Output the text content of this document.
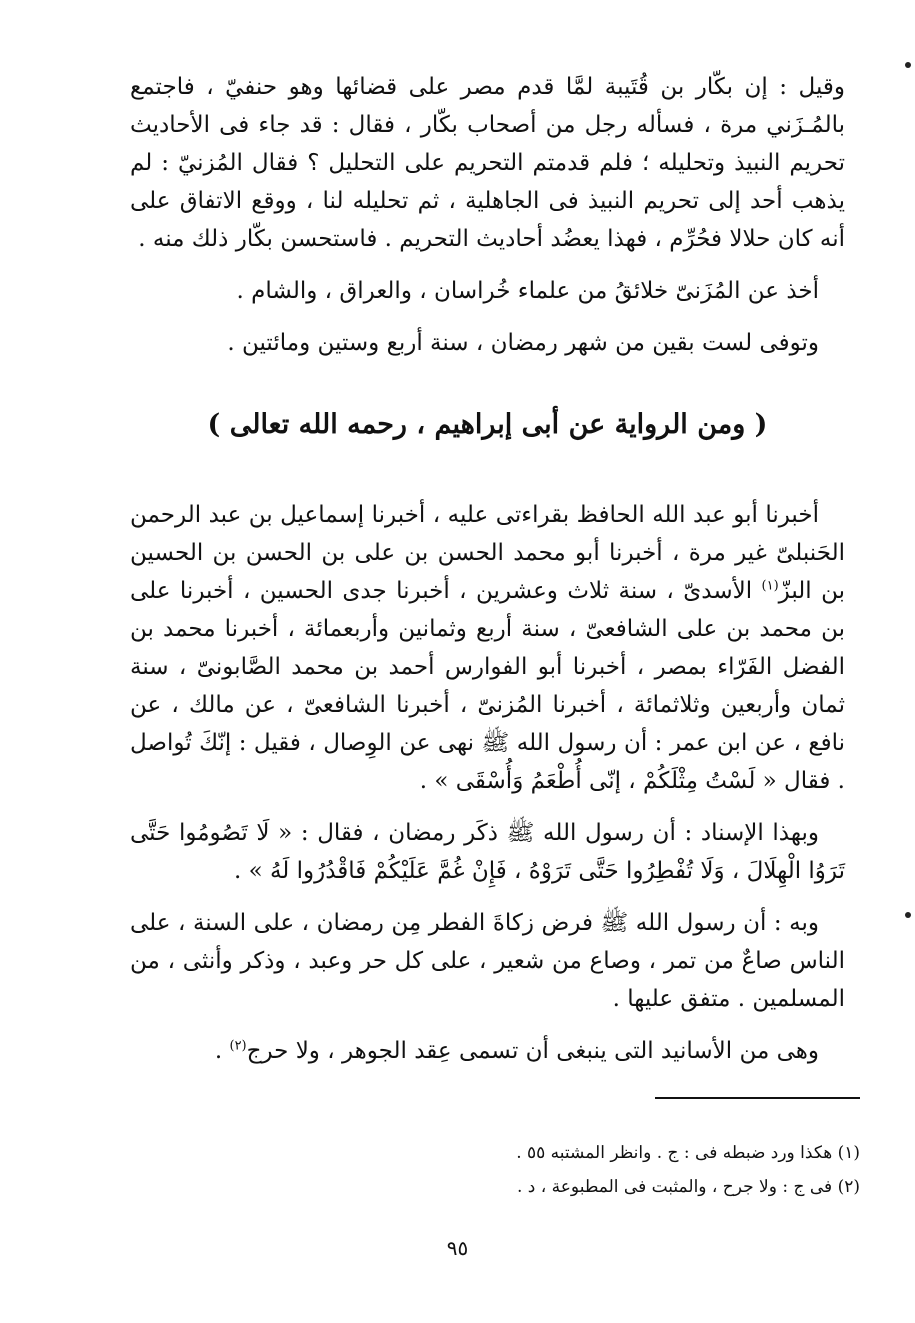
وقيل : إن بكّار بن قُتَيبة لمَّا قدم مصر على قضائها وهو حنفيّ ، فاجتمع بالمُـزَني مرة ، فسأله رجل من أصحاب بكّار ، فقال : قد جاء فى الأحاديث تحريم النبيذ وتحليله ؛ فلم قدمتم التحريم على التحليل ؟ فقال المُزنيّ : لم يذهب أحد إلى تحريم النبيذ فى الجاهلية ، ثم تحليله لنا ، ووقع الاتفاق على أنه كان حلالا فحُرِّم ، فهذا يعضُد أحاديث التحريم . فاستحسن بكّار ذلك منه .

أخذ عن المُزَنىّ خلائقُ من علماء خُراسان ، والعراق ، والشام .

وتوفى لست بقين من شهر رمضان ، سنة أربع وستين ومائتين .

( ومن الرواية عن أبى إبراهيم ، رحمه الله تعالى )

أخبرنا أبو عبد الله الحافظ بقراءتى عليه ، أخبرنا إسماعيل بن عبد الرحمن الحَنبلىّ غير مرة ، أخبرنا أبو محمد الحسن بن على بن الحسن بن الحسين بن البزّ$^{(١)}$ الأسدىّ ، سنة ثلاث وعشرين ، أخبرنا جدى الحسين ، أخبرنا على بن محمد بن على الشافعىّ ، سنة أربع وثمانين وأربعمائة ، أخبرنا محمد بن الفضل الفَرّاء بمصر ، أخبرنا أبو الفوارس أحمد بن محمد الصَّابونىّ ، سنة ثمان وأربعين وثلاثمائة ، أخبرنا المُزنىّ ، أخبرنا الشافعىّ ، عن مالك ، عن نافع ، عن ابن عمر : أن رسول الله ﷺ نهى عن الوِصال ، فقيل : إنّكَ تُواصل . فقال « لَسْتُ مِثْلَكُمْ ، إنّى أُطْعَمُ وَأُسْقَى » .

وبهذا الإسناد : أن رسول الله ﷺ ذكَر رمضان ، فقال : « لَا تَصُومُوا حَتَّى تَرَوُا الْهِلَالَ ، وَلَا تُفْطِرُوا حَتَّى تَرَوْهُ ، فَإِنْ غُمَّ عَلَيْكُمْ فَاقْدُرُوا لَهُ » .

وبه : أن رسول الله ﷺ فرض زكاةَ الفطر مِن رمضان ، على السنة ، على الناس صاعٌ من تمر ، وصاع من شعير ، على كل حر وعبد ، وذكر وأنثى ، من المسلمين . متفق عليها .

وهى من الأسانيد التى ينبغى أن تسمى عِقد الجوهر ، ولا حرج$^{(٢)}$ .

(١) هكذا ورد ضبطه فى : ج . وانظر المشتبه ٥٥ .
(٢) فى ج : ولا جرح ، والمثبت فى المطبوعة ، د .
٩٥
